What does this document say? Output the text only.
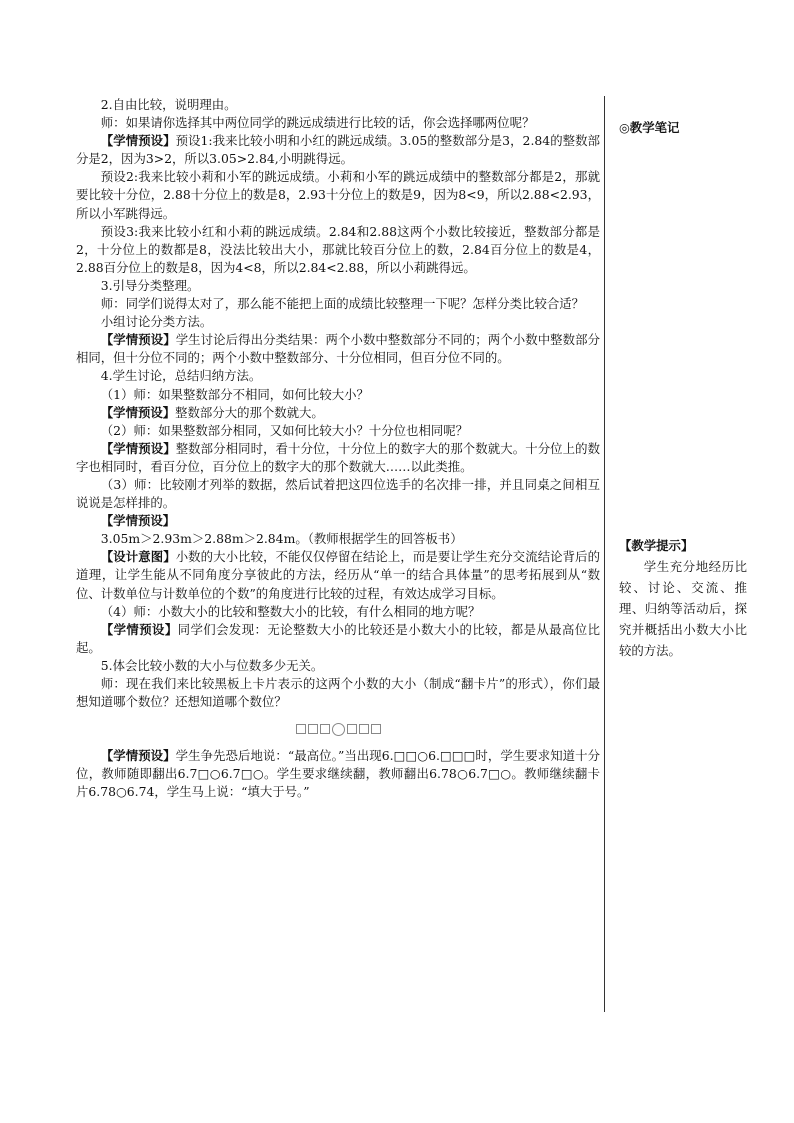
2.自由比较，说明理由。

师：如果请你选择其中两位同学的跳远成绩进行比较的话，你会选择哪两位呢？

【学情预设】预设1:我来比较小明和小红的跳远成绩。3.05的整数部分是3，2.84的整数部分是2，因为3>2，所以3.05>2.84,小明跳得远。

预设2:我来比较小莉和小军的跳远成绩。小莉和小军的跳远成绩中的整数部分都是2，那就要比较十分位，2.88十分位上的数是8，2.93十分位上的数是9，因为8<9，所以2.88<2.93，所以小军跳得远。

预设3:我来比较小红和小莉的跳远成绩。2.84和2.88这两个小数比较接近，整数部分都是2，十分位上的数都是8，没法比较出大小，那就比较百分位上的数，2.84百分位上的数是4，2.88百分位上的数是8，因为4<8，所以2.84<2.88，所以小莉跳得远。

3.引导分类整理。

师：同学们说得太对了，那么能不能把上面的成绩比较整理一下呢？怎样分类比较合适？

小组讨论分类方法。

【学情预设】学生讨论后得出分类结果：两个小数中整数部分不同的；两个小数中整数部分相同，但十分位不同的；两个小数中整数部分、十分位相同，但百分位不同的。

4.学生讨论，总结归纳方法。

（1）师：如果整数部分不相同，如何比较大小？

【学情预设】整数部分大的那个数就大。

（2）师：如果整数部分相同，又如何比较大小？十分位也相同呢？

【学情预设】整数部分相同时，看十分位，十分位上的数字大的那个数就大。十分位上的数字也相同时，看百分位，百分位上的数字大的那个数就大……以此类推。

（3）师：比较刚才列举的数据，然后试着把这四位选手的名次排一排，并且同桌之间相互说说是怎样排的。

【学情预设】

3.05m＞2.93m＞2.88m＞2.84m。（教师根据学生的回答板书）

【设计意图】小数的大小比较，不能仅仅停留在结论上，而是要让学生充分交流结论背后的道理，让学生能从不同角度分享彼此的方法，经历从“单一的结合具体量”的思考拓展到从“数位、计数单位与计数单位的个数”的角度进行比较的过程，有效达成学习目标。

（4）师：小数大小的比较和整数大小的比较，有什么相同的地方呢？

【学情预设】同学们会发现：无论整数大小的比较还是小数大小的比较，都是从最高位比起。

5.体会比较小数的大小与位数多少无关。

师：现在我们来比较黑板上卡片表示的这两个小数的大小（制成“翻卡片”的形式），你们最想知道哪个数位？还想知道哪个数位？

【学情预设】学生争先恐后地说：“最高位。”当出现6.□□○6.□□□时，学生要求知道十分位，教师随即翻出6.7□○6.7□○。学生要求继续翻，教师翻出6.78○6.7□○。教师继续翻卡片6.78○6.74，学生马上说：“填大于号。”

◎教学笔记
【教学提示】
学生充分地经历比较、讨论、交流、推理、归纳等活动后，探究并概括出小数大小比较的方法。
